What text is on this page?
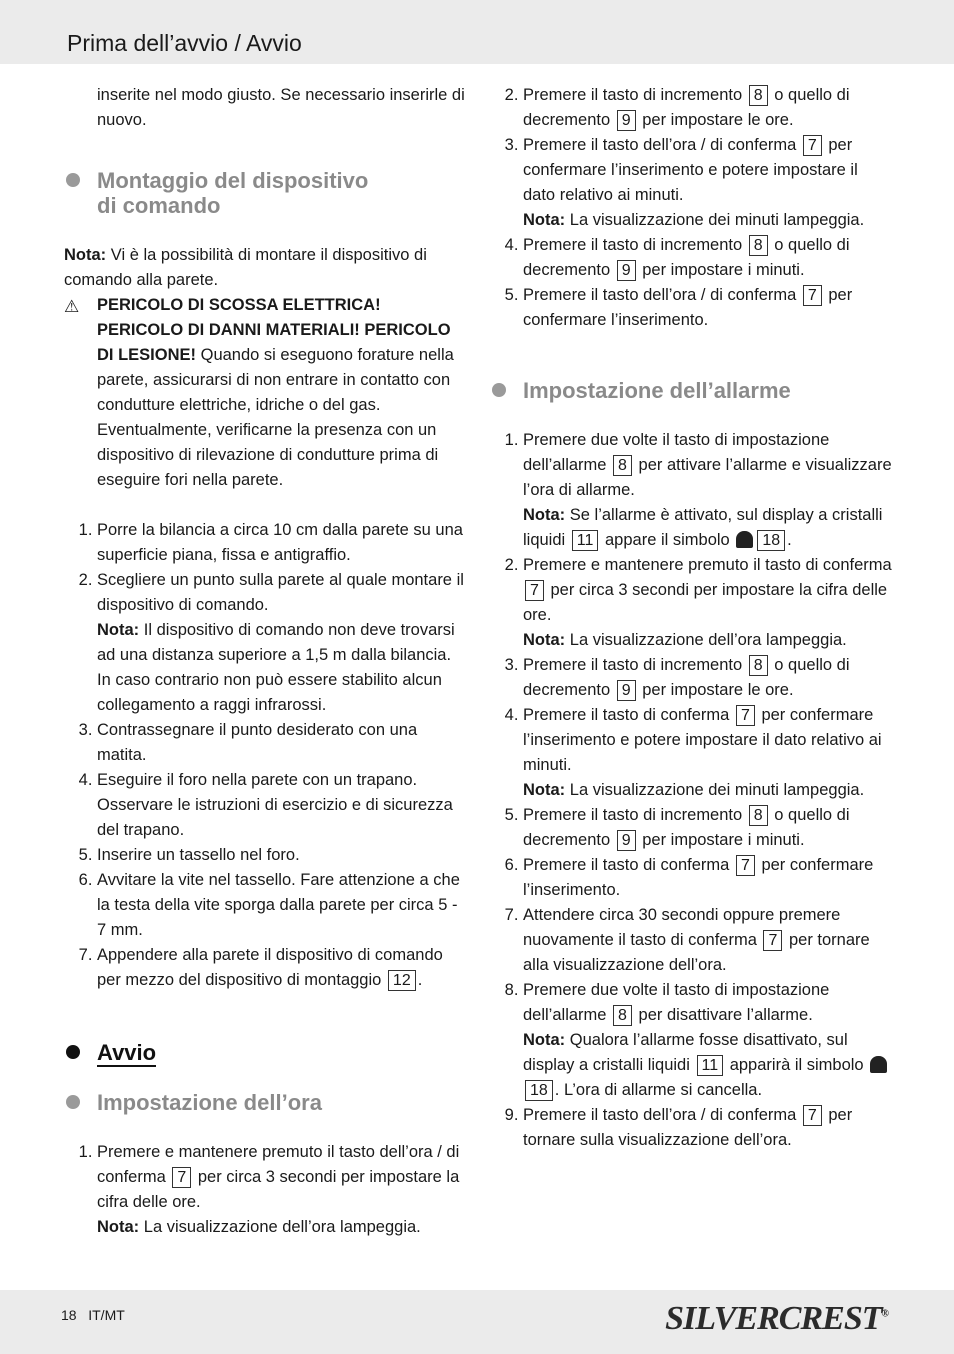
Prima dell’avvio / Avvio

inserite nel modo giusto. Se necessario inserirle di nuovo.

Montaggio del dispositivo di comando

Nota: Vi è la possibilità di montare il dispositivo di comando alla parete.

⚠ PERICOLO DI SCOSSA ELETTRICA! PERICOLO DI DANNI MATERIALI! PERICOLO DI LESIONE! Quando si eseguono forature nella parete, assicurarsi di non entrare in contatto con condutture elettriche, idriche o del gas. Eventualmente, verificarne la presenza con un dispositivo di rilevazione di condutture prima di eseguire fori nella parete.
1. Porre la bilancia a circa 10 cm dalla parete su una superficie piana, fissa e antigraffio.
2. Scegliere un punto sulla parete al quale montare il dispositivo di comando.
Nota: Il dispositivo di comando non deve trovarsi ad una distanza superiore a 1,5 m dalla bilancia. In caso contrario non può essere stabilito alcun collegamento a raggi infrarossi.
3. Contrassegnare il punto desiderato con una matita.
4. Eseguire il foro nella parete con un trapano. Osservare le istruzioni di esercizio e di sicurezza del trapano.
5. Inserire un tassello nel foro.
6. Avvitare la vite nel tassello. Fare attenzione a che la testa della vite sporga dalla parete per circa 5 - 7 mm.
7. Appendere alla parete il dispositivo di comando per mezzo del dispositivo di montaggio 12 .
Avvio
Impostazione dell’ora
1. Premere e mantenere premuto il tasto dell’ora / di conferma 7 per circa 3 secondi per impostare la cifra delle ore.
Nota: La visualizzazione dell’ora lampeggia.
2. Premere il tasto di incremento 8 o quello di decremento 9 per impostare le ore.
3. Premere il tasto dell’ora / di conferma 7 per confermare l’inserimento e potere impostare il dato relativo ai minuti.
Nota: La visualizzazione dei minuti lampeggia.
4. Premere il tasto di incremento 8 o quello di decremento 9 per impostare i minuti.
5. Premere il tasto dell’ora / di conferma 7 per confermare l’inserimento.
Impostazione dell’allarme
1. Premere due volte il tasto di impostazione dell’allarme 8 per attivare l’allarme e visualizzare l’ora di allarme.
Nota: Se l’allarme è attivato, sul display a cristalli liquidi 11 appare il simbolo 18 .
2. Premere e mantenere premuto il tasto di conferma 7 per circa 3 secondi per impostare la cifra delle ore.
Nota: La visualizzazione dell’ora lampeggia.
3. Premere il tasto di incremento 8 o quello di decremento 9 per impostare le ore.
4. Premere il tasto di conferma 7 per confermare l’inserimento e potere impostare il dato relativo ai minuti.
Nota: La visualizzazione dei minuti lampeggia.
5. Premere il tasto di incremento 8 o quello di decremento 9 per impostare i minuti.
6. Premere il tasto di conferma 7 per confermare l’inserimento.
7. Attendere circa 30 secondi oppure premere nuovamente il tasto di conferma 7 per tornare alla visualizzazione dell’ora.
8. Premere due volte il tasto di impostazione dell’allarme 8 per disattivare l’allarme.
Nota: Qualora l’allarme fosse disattivato, sul display a cristalli liquidi 11 apparirà il simbolo 18 . L’ora di allarme si cancella.
9. Premere il tasto dell’ora / di conferma 7 per tornare sulla visualizzazione dell’ora.
18   IT/MT	SILVERCREST®
